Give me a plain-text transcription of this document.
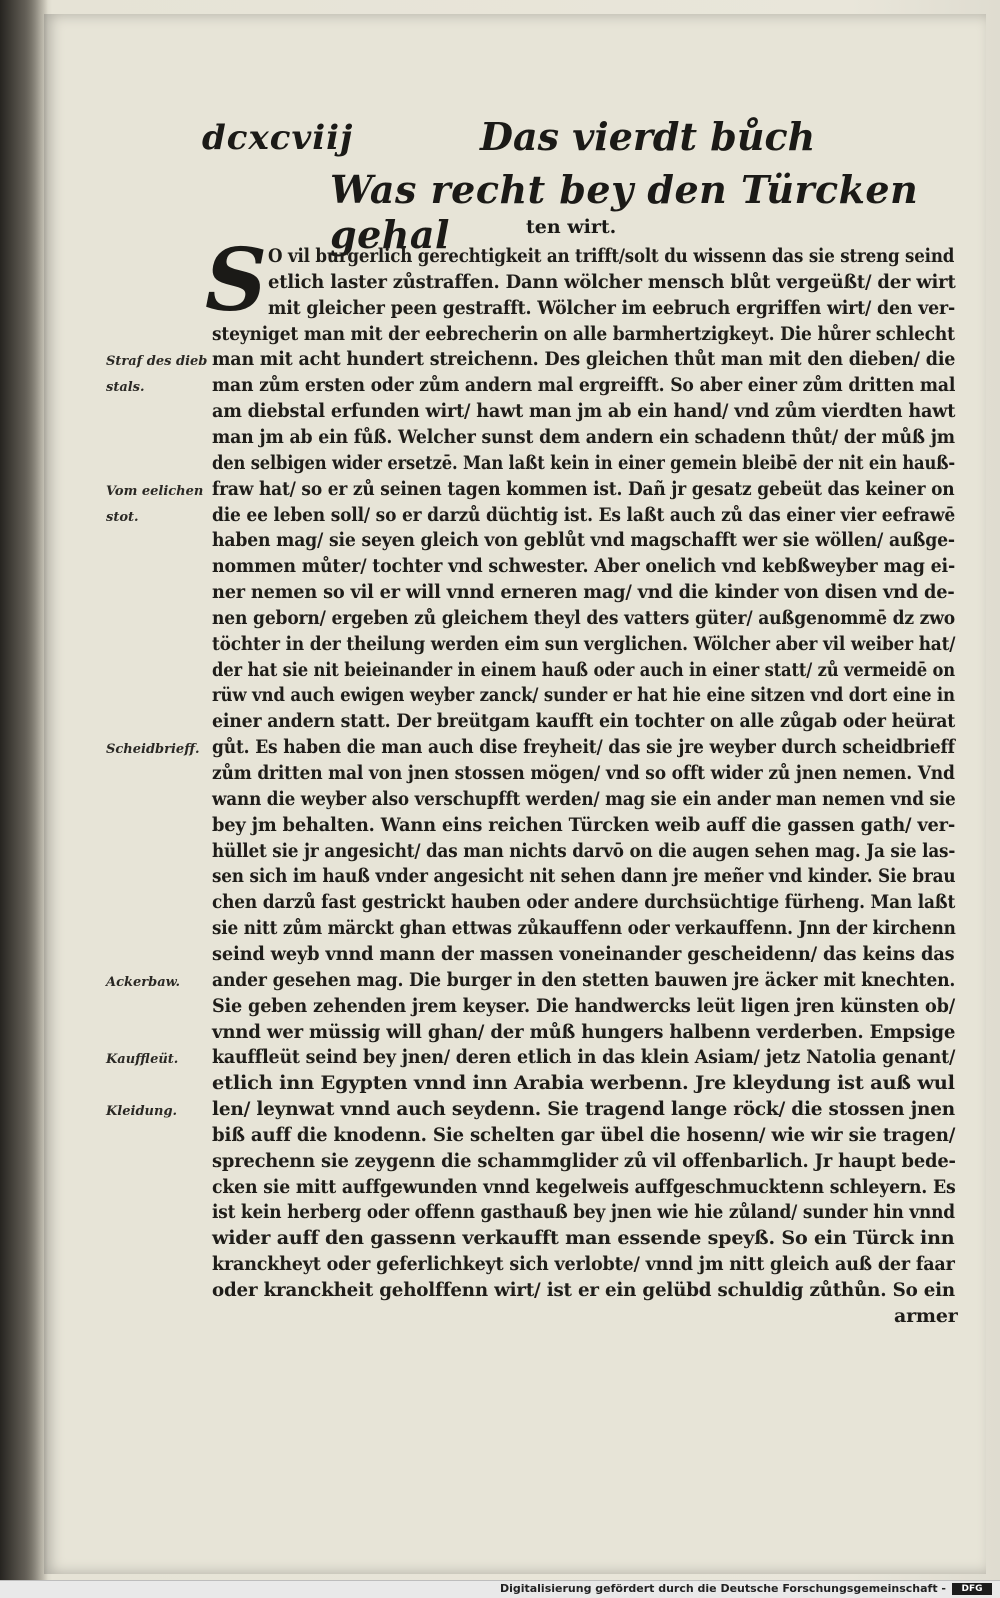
dcxcviij	Das vierdt bůch
Was recht bey den Türcken gehal	ten wirt.
S O vil burgerlich gerechtigkeit an trifft/solt du wissenn das sie streng seind
etlich laster zůstraffen. Dann wölcher mensch blůt vergeüßt/ der wirt
mit gleicher peen gestrafft. Wölcher im eebruch ergriffen wirt/ den ver-
steyniget man mit der eebrecherin on alle barmhertzigkeyt. Die hůrer schlecht
man mit acht hundert streichenn. Des gleichen thůt man mit den dieben/ die
man zům ersten oder zům andern mal ergreifft. So aber einer zům dritten mal
am diebstal erfunden wirt/ hawt man jm ab ein hand/ vnd zům vierdten hawt
man jm ab ein fůß. Welcher sunst dem andern ein schadenn thůt/ der můß jm
den selbigen wider ersetzē. Man laßt kein in einer gemein bleibē der nit ein hauß-
fraw hat/ so er zů seinen tagen kommen ist. Dañ jr gesatz gebeüt das keiner on
die ee leben soll/ so er darzů düchtig ist. Es laßt auch zů das einer vier eefrawē
haben mag/ sie seyen gleich von geblůt vnd magschafft wer sie wöllen/ außge-
nommen můter/ tochter vnd schwester. Aber onelich vnd kebßweyber mag ei-
ner nemen so vil er will vnnd erneren mag/ vnd die kinder von disen vnd de-
nen geborn/ ergeben zů gleichem theyl des vatters güter/ außgenommē dz zwo
töchter in der theilung werden eim sun verglichen. Wölcher aber vil weiber hat/
der hat sie nit beieinander in einem hauß oder auch in einer statt/ zů vermeidē on
rüw vnd auch ewigen weyber zanck/ sunder er hat hie eine sitzen vnd dort eine in
einer andern statt. Der breütgam kaufft ein tochter on alle zůgab oder heürat
gůt. Es haben die man auch dise freyheit/ das sie jre weyber durch scheidbrieff
zům dritten mal von jnen stossen mögen/ vnd so offt wider zů jnen nemen. Vnd
wann die weyber also verschupfft werden/ mag sie ein ander man nemen vnd sie
bey jm behalten. Wann eins reichen Türcken weib auff die gassen gath/ ver-
hüllet sie jr angesicht/ das man nichts darvō on die augen sehen mag. Ja sie las-
sen sich im hauß vnder angesicht nit sehen dann jre meñer vnd kinder. Sie brau
chen darzů fast gestrickt hauben oder andere durchsüchtige fürheng. Man laßt
sie nitt zům märckt ghan ettwas zůkauffenn oder verkauffenn. Jnn der kirchenn
seind weyb vnnd mann der massen voneinander gescheidenn/ das keins das
ander gesehen mag. Die burger in den stetten bauwen jre äcker mit knechten.
Sie geben zehenden jrem keyser. Die handwercks leüt ligen jren künsten ob/
vnnd wer müssig will ghan/ der můß hungers halbenn verderben. Empsige
kauffleüt seind bey jnen/ deren etlich in das klein Asiam/ jetz Natolia genant/
etlich inn Egypten vnnd inn Arabia werbenn. Jre kleydung ist auß wul
len/ leynwat vnnd auch seydenn. Sie tragend lange röck/ die stossen jnen
biß auff die knodenn. Sie schelten gar übel die hosenn/ wie wir sie tragen/
sprechenn sie zeygenn die schammglider zů vil offenbarlich. Jr haupt bede-
cken sie mitt auffgewunden vnnd kegelweis auffgeschmucktenn schleyern. Es
ist kein herberg oder offenn gasthauß bey jnen wie hie zůland/ sunder hin vnnd
wider auff den gassenn verkaufft man essende speyß. So ein Türck inn
kranckheyt oder geferlichkeyt sich verlobte/ vnnd jm nitt gleich auß der faar
oder kranckheit geholffenn wirt/ ist er ein gelübd schuldig zůthůn. So ein
armer
Straf des dieb
stals.
Vom eelichen
stot.
Scheidbrieff.
Ackerbaw.
Kauffleüt.
Kleidung.
Digitalisierung gefördert durch die Deutsche Forschungsgemeinschaft -	DFG
